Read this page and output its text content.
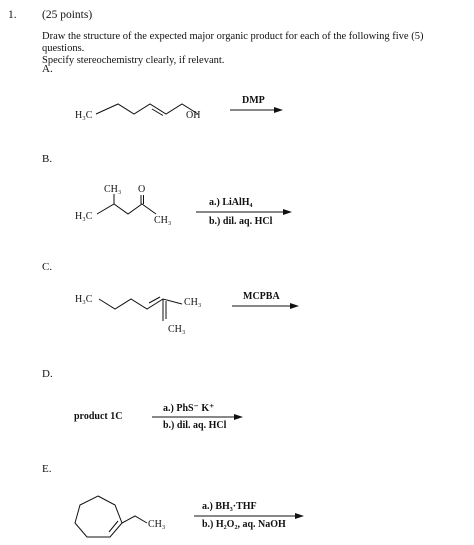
1. (25 points)
Draw the structure of the expected major organic product for each of the following five (5) questions.
Specify stereochemistry clearly, if relevant.
A.
H₃C	OH
DMP
B.
CH₃ O
H₃C	CH₃
a.) LiAlH₄
b.) dil. aq. HCl
C.
H₃C	CH₃
CH₃
MCPBA
D.
product 1C
a.) PhS⁻ K⁺
b.) dil. aq. HCl
E.
CH₃
a.) BH₃·THF
b.) H₂O₂, aq. NaOH
